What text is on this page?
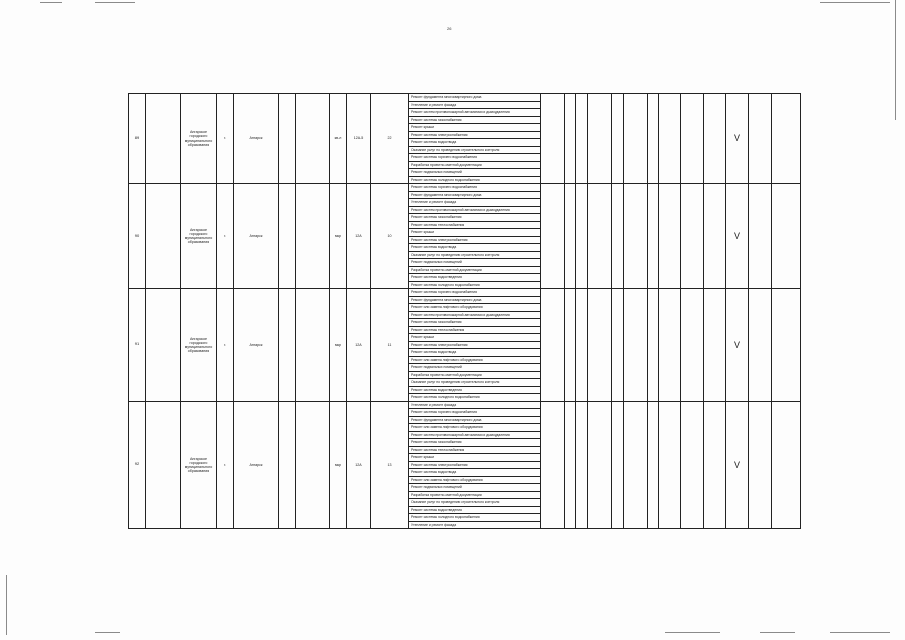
26
89		Ангарское городского муниципального образования	г.	Ангарск			кв-л	12А-5	22	Ремонт фундамента многоквартирного дома											V		
										Утепление и ремонт фасада													
										Ремонт систем противопожарной автоматики и дымоудаления													
										Ремонт системы газоснабжения													
										Ремонт крыши													
										Ремонт системы электроснабжения													
										Ремонт системы водоотвода													
										Оказание услуг по проведению строительного контроля													
										Ремонт системы горячего водоснабжения													
										Разработка проектно-сметной документации													
										Ремонт подвальных помещений													
										Ремонт системы холодного водоснабжения													
90		Ангарское городского муниципального образования	г.	Ангарск			мкр	12А	10	Ремонт системы горячего водоснабжения											V		
										Ремонт фундамента многоквартирного дома													
										Утепление и ремонт фасада													
										Ремонт систем противопожарной автоматики и дымоудаления													
										Ремонт системы газоснабжения													
										Ремонт системы теплоснабжения													
										Ремонт крыши													
										Ремонт системы электроснабжения													
										Ремонт системы водоотвода													
										Оказание услуг по проведению строительного контроля													
										Ремонт подвальных помещений													
										Разработка проектно-сметной документации													
										Ремонт системы водоотведения													
										Ремонт системы холодного водоснабжения													
91		Ангарское городского муниципального образования	г.	Ангарск			мкр	12А	11	Ремонт системы горячего водоснабжения											V		
										Ремонт фундамента многоквартирного дома													
										Ремонт или замена лифтового оборудования													
										Ремонт систем противопожарной автоматики и дымоудаления													
										Ремонт системы газоснабжения													
										Ремонт системы теплоснабжения													
										Ремонт крыши													
										Ремонт системы электроснабжения													
										Ремонт системы водоотвода													
										Ремонт или замена лифтового оборудования													
										Ремонт подвальных помещений													
										Разработка проектно-сметной документации													
										Оказание услуг по проведению строительного контроля													
										Ремонт системы водоотведения													
										Ремонт системы холодного водоснабжения													
92		Ангарское городского муниципального образования	г.	Ангарск			мкр	12А	13	Утепление и ремонт фасада											V		
										Ремонт системы горячего водоснабжения													
										Ремонт фундамента многоквартирного дома													
										Ремонт или замена лифтового оборудования													
										Ремонт систем противопожарной автоматики и дымоудаления													
										Ремонт системы газоснабжения													
										Ремонт системы теплоснабжения													
										Ремонт крыши													
										Ремонт системы электроснабжения													
										Ремонт системы водоотвода													
										Ремонт или замена лифтового оборудования													
										Ремонт подвальных помещений													
										Разработка проектно-сметной документации													
										Оказание услуг по проведению строительного контроля													
										Ремонт системы водоотведения													
										Ремонт системы холодного водоснабжения													
										Утепление и ремонт фасада													
